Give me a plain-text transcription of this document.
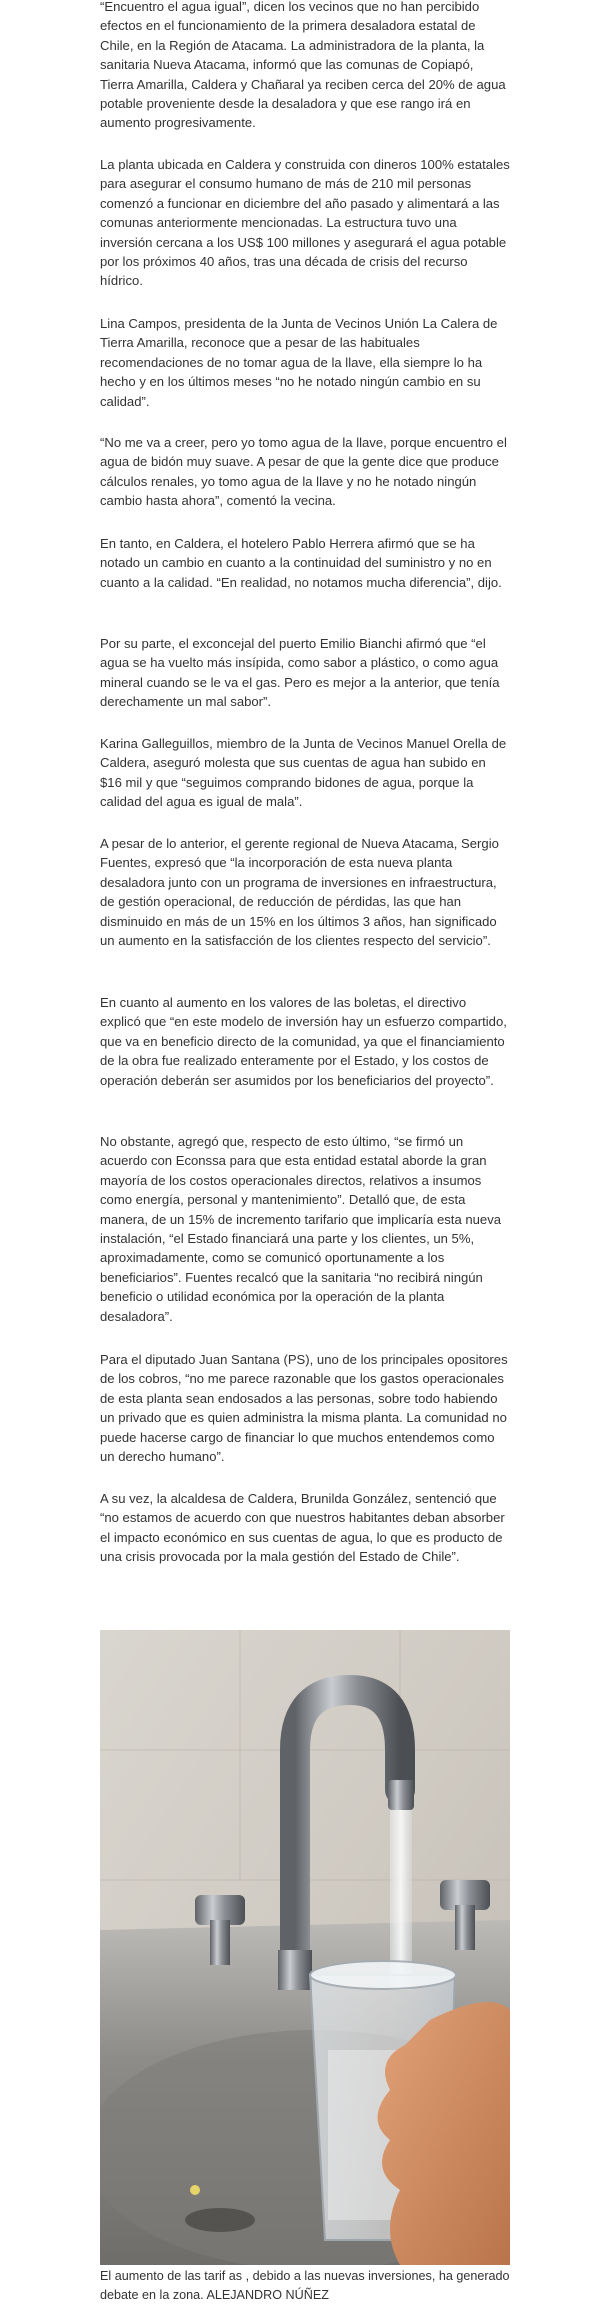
“Encuentro el agua igual”, dicen los vecinos que no han percibido efectos en el funcionamiento de la primera desaladora estatal de Chile, en la Región de Atacama. La administradora de la planta, la sanitaria Nueva Atacama, informó que las comunas de Copiapó, Tierra Amarilla, Caldera y Chañaral ya reciben cerca del 20% de agua potable proveniente desde la desaladora y que ese rango irá en aumento progresivamente.

La planta ubicada en Caldera y construida con dineros 100% estatales para asegurar el consumo humano de más de 210 mil personas comenzó a funcionar en diciembre del año pasado y alimentará a las comunas anteriormente mencionadas. La estructura tuvo una inversión cercana a los US$ 100 millones y asegurará el agua potable por los próximos 40 años, tras una década de crisis del recurso hídrico.

Lina Campos, presidenta de la Junta de Vecinos Unión La Calera de Tierra Amarilla, reconoce que a pesar de las habituales recomendaciones de no tomar agua de la llave, ella siempre lo ha hecho y en los últimos meses “no he notado ningún cambio en su calidad”.

“No me va a creer, pero yo tomo agua de la llave, porque encuentro el agua de bidón muy suave. A pesar de que la gente dice que produce cálculos renales, yo tomo agua de la llave y no he notado ningún cambio hasta ahora”, comentó la vecina.

En tanto, en Caldera, el hotelero Pablo Herrera afirmó que se ha notado un cambio en cuanto a la continuidad del suministro y no en cuanto a la calidad. “En realidad, no notamos mucha diferencia”, dijo.

Por su parte, el exconcejal del puerto Emilio Bianchi afirmó que “el agua se ha vuelto más insípida, como sabor a plástico, o como agua mineral cuando se le va el gas. Pero es mejor a la anterior, que tenía derechamente un mal sabor”.

Karina Galleguillos, miembro de la Junta de Vecinos Manuel Orella de Caldera, aseguró molesta que sus cuentas de agua han subido en $16 mil y que “seguimos comprando bidones de agua, porque la calidad del agua es igual de mala”.

A pesar de lo anterior, el gerente regional de Nueva Atacama, Sergio Fuentes, expresó que “la incorporación de esta nueva planta desaladora junto con un programa de inversiones en infraestructura, de gestión operacional, de reducción de pérdidas, las que han disminuido en más de un 15% en los últimos 3 años, han significado un aumento en la satisfacción de los clientes respecto del servicio”.

En cuanto al aumento en los valores de las boletas, el directivo explicó que “en este modelo de inversión hay un esfuerzo compartido, que va en beneficio directo de la comunidad, ya que el financiamiento de la obra fue realizado enteramente por el Estado, y los costos de operación deberán ser asumidos por los beneficiarios del proyecto”.

No obstante, agregó que, respecto de esto último, “se firmó un acuerdo con Econssa para que esta entidad estatal aborde la gran mayoría de los costos operacionales directos, relativos a insumos como energía, personal y mantenimiento”. Detalló que, de esta manera, de un 15% de incremento tarifario que implicaría esta nueva instalación, “el Estado financiará una parte y los clientes, un 5%, aproximadamente, como se comunicó oportunamente a los beneficiarios”. Fuentes recalcó que la sanitaria “no recibirá ningún beneficio o utilidad económica por la operación de la planta desaladora”.

Para el diputado Juan Santana (PS), uno de los principales opositores de los cobros, “no me parece razonable que los gastos operacionales de esta planta sean endosados a las personas, sobre todo habiendo un privado que es quien administra la misma planta. La comunidad no puede hacerse cargo de financiar lo que muchos entendemos como un derecho humano”.

A su vez, la alcaldesa de Caldera, Brunilda González, sentenció que “no estamos de acuerdo con que nuestros habitantes deban absorber el impacto económico en sus cuentas de agua, lo que es producto de una crisis provocada por la mala gestión del Estado de Chile”.

El aumento de las tarif as , debido a las nuevas inversiones, ha generado debate en la zona. ALEJANDRO NÚÑEZ
